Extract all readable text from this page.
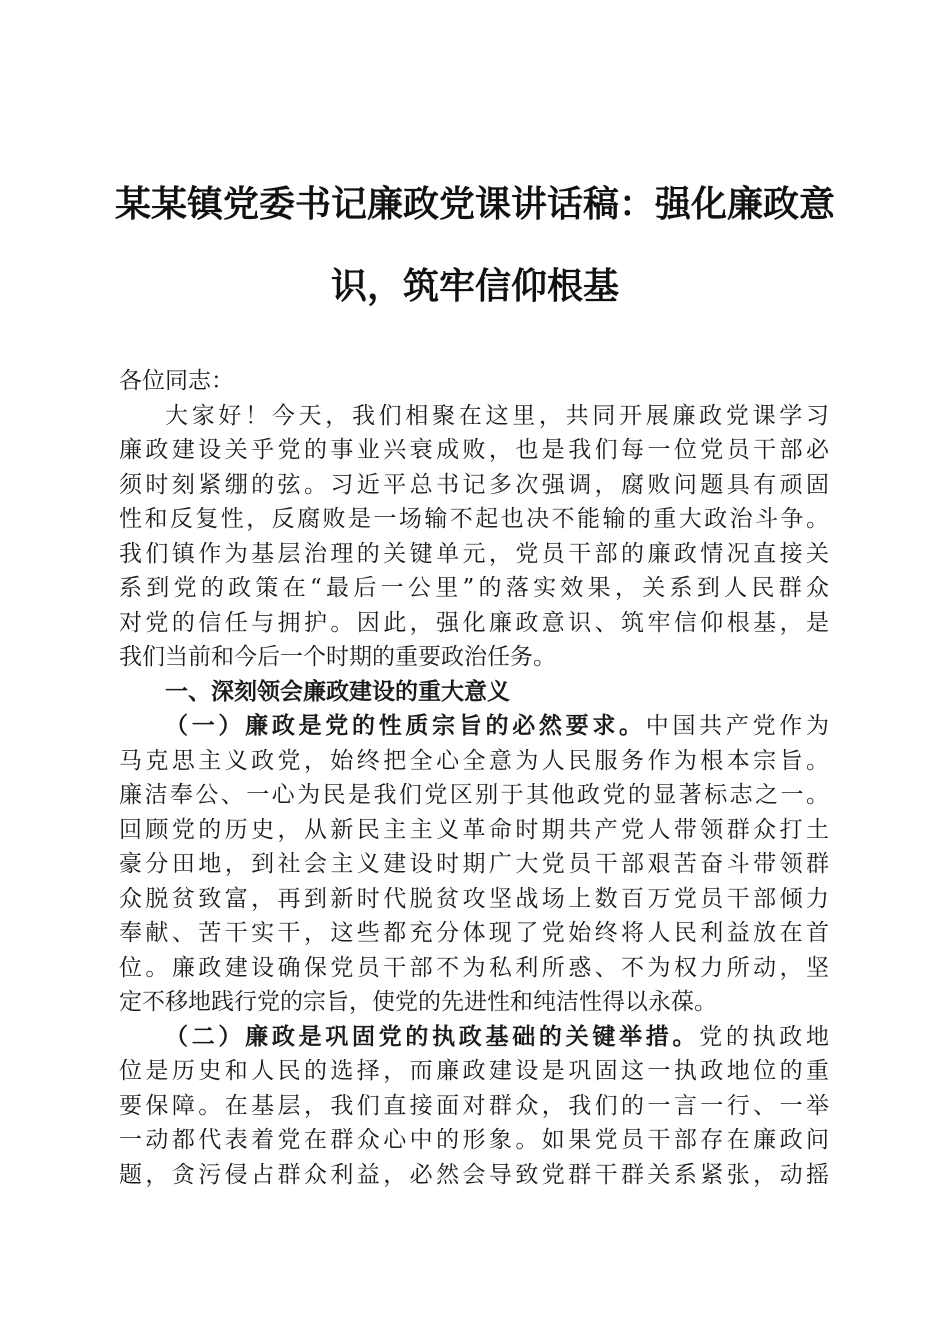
某某镇党委书记廉政党课讲话稿：强化廉政意
识，筑牢信仰根基
各位同志：
大家好！今天，我们相聚在这里，共同开展廉政党课学习
廉政建设关乎党的事业兴衰成败，也是我们每一位党员干部必
须时刻紧绷的弦。习近平总书记多次强调，腐败问题具有顽固
性和反复性，反腐败是一场输不起也决不能输的重大政治斗争。
我们镇作为基层治理的关键单元，党员干部的廉政情况直接关
系到党的政策在“最后一公里”的落实效果，关系到人民群众
对党的信任与拥护。因此，强化廉政意识、筑牢信仰根基，是
我们当前和今后一个时期的重要政治任务。
一、深刻领会廉政建设的重大意义
（一）廉政是党的性质宗旨的必然要求。中国共产党作为
马克思主义政党，始终把全心全意为人民服务作为根本宗旨。
廉洁奉公、一心为民是我们党区别于其他政党的显著标志之一。
回顾党的历史，从新民主主义革命时期共产党人带领群众打土
豪分田地，到社会主义建设时期广大党员干部艰苦奋斗带领群
众脱贫致富，再到新时代脱贫攻坚战场上数百万党员干部倾力
奉献、苦干实干，这些都充分体现了党始终将人民利益放在首
位。廉政建设确保党员干部不为私利所惑、不为权力所动，坚
定不移地践行党的宗旨，使党的先进性和纯洁性得以永葆。
（二）廉政是巩固党的执政基础的关键举措。党的执政地
位是历史和人民的选择，而廉政建设是巩固这一执政地位的重
要保障。在基层，我们直接面对群众，我们的一言一行、一举
一动都代表着党在群众心中的形象。如果党员干部存在廉政问
题，贪污侵占群众利益，必然会导致党群干群关系紧张，动摇
